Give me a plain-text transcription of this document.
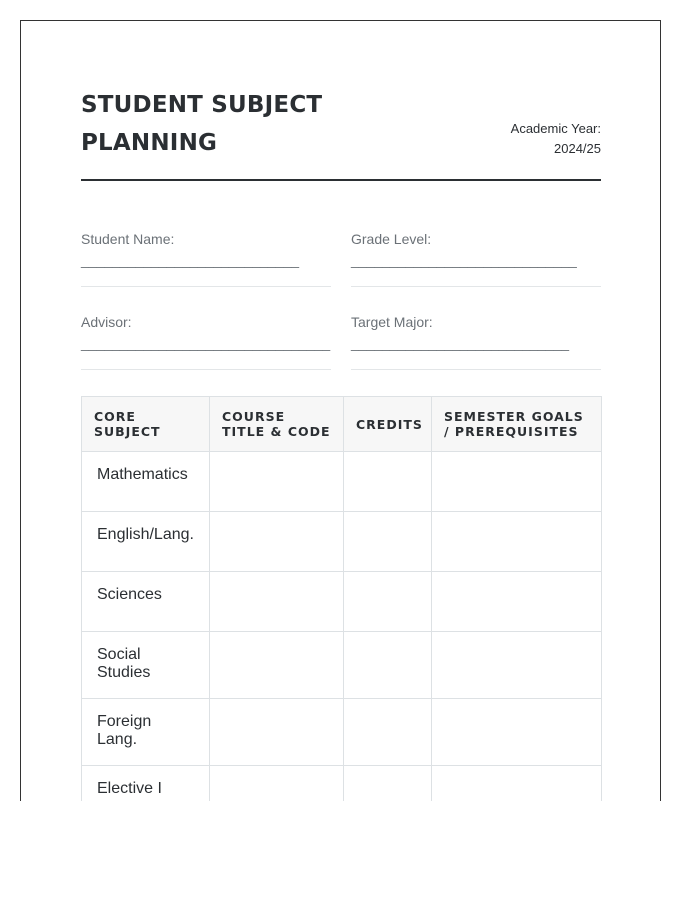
STUDENT SUBJECT PLANNING
Academic Year:
2024/25
Student Name:
____________________________
Grade Level:
_____________________________
Advisor:
________________________________
Target Major:
____________________________
CORE SUBJECT	COURSE TITLE & CODE	CREDITS	SEMESTER GOALS / PREREQUISITES
Mathematics			
English/Lang.			
Sciences			
Social Studies			
Foreign Lang.			
Elective I			
